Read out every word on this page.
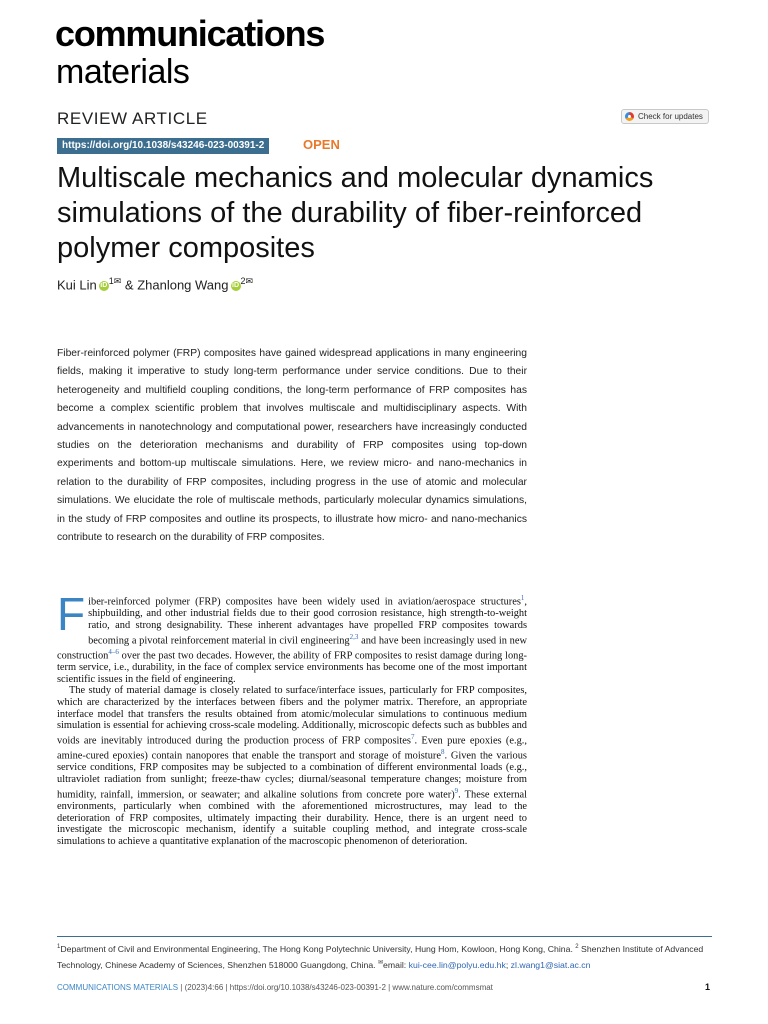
communications
materials
REVIEW ARTICLE	Check for updates
https://doi.org/10.1038/s43246-023-00391-2	OPEN
Multiscale mechanics and molecular dynamics
simulations of the durability of fiber-reinforced
polymer composites
Kui Lin iD $^{1✉}$ & Zhanlong Wang iD $^{2✉}$
Fiber-reinforced polymer (FRP) composites have gained widespread applications in many engineering fields, making it imperative to study long-term performance under service conditions. Due to their heterogeneity and multifield coupling conditions, the long-term performance of FRP composites has become a complex scientific problem that involves multiscale and multidisciplinary aspects. With advancements in nanotechnology and computational power, researchers have increasingly conducted studies on the deterioration mechanisms and durability of FRP composites using top-down experiments and bottom-up multiscale simulations. Here, we review micro- and nano-mechanics in relation to the durability of FRP composites, including progress in the use of atomic and molecular simulations. We elucidate the role of multiscale methods, particularly molecular dynamics simulations, in the study of FRP composites and outline its prospects, to illustrate how micro- and nano-mechanics contribute to research on the durability of FRP composites.

Fiber-reinforced polymer (FRP) composites have been widely used in aviation/aerospace structures$^1$, shipbuilding, and other industrial fields due to their good corrosion resistance, high strength-to-weight ratio, and strong designability. These inherent advantages have propelled FRP composites towards becoming a pivotal reinforcement material in civil engineering$^{2,3}$ and have been increasingly used in new construction$^{4-6}$ over the past two decades. However, the ability of FRP composites to resist damage during long-term service, i.e., durability, in the face of complex service environments has become one of the most important scientific issues in the field of engineering.

The study of material damage is closely related to surface/interface issues, particularly for FRP composites, which are characterized by the interfaces between fibers and the polymer matrix. Therefore, an appropriate interface model that transfers the results obtained from atomic/molecular simulations to continuous medium simulation is essential for achieving cross-scale modeling. Additionally, microscopic defects such as bubbles and voids are inevitably introduced during the production process of FRP composites$^7$. Even pure epoxies (e.g., amine-cured epoxies) contain nanopores that enable the transport and storage of moisture$^8$. Given the various service conditions, FRP composites may be subjected to a combination of different environmental loads (e.g., ultraviolet radiation from sunlight; freeze-thaw cycles; diurnal/seasonal temperature changes; moisture from humidity, rainfall, immersion, or seawater; and alkaline solutions from concrete pore water)$^9$. These external environments, particularly when combined with the aforementioned microstructures, may lead to the deterioration of FRP composites, ultimately impacting their durability. Hence, there is an urgent need to investigate the microscopic mechanism, identify a suitable coupling method, and integrate cross-scale simulations to achieve a quantitative explanation of the macroscopic phenomenon of deterioration.

$^1$Department of Civil and Environmental Engineering, The Hong Kong Polytechnic University, Hung Hom, Kowloon, Hong Kong, China. $^2$ Shenzhen Institute of Advanced Technology, Chinese Academy of Sciences, Shenzhen 518000 Guangdong, China. ✉email: kui-cee.lin@polyu.edu.hk; zl.wang1@siat.ac.cn
COMMUNICATIONS MATERIALS | (2023)4:66 | https://doi.org/10.1038/s43246-023-00391-2 | www.nature.com/commsmat	1
